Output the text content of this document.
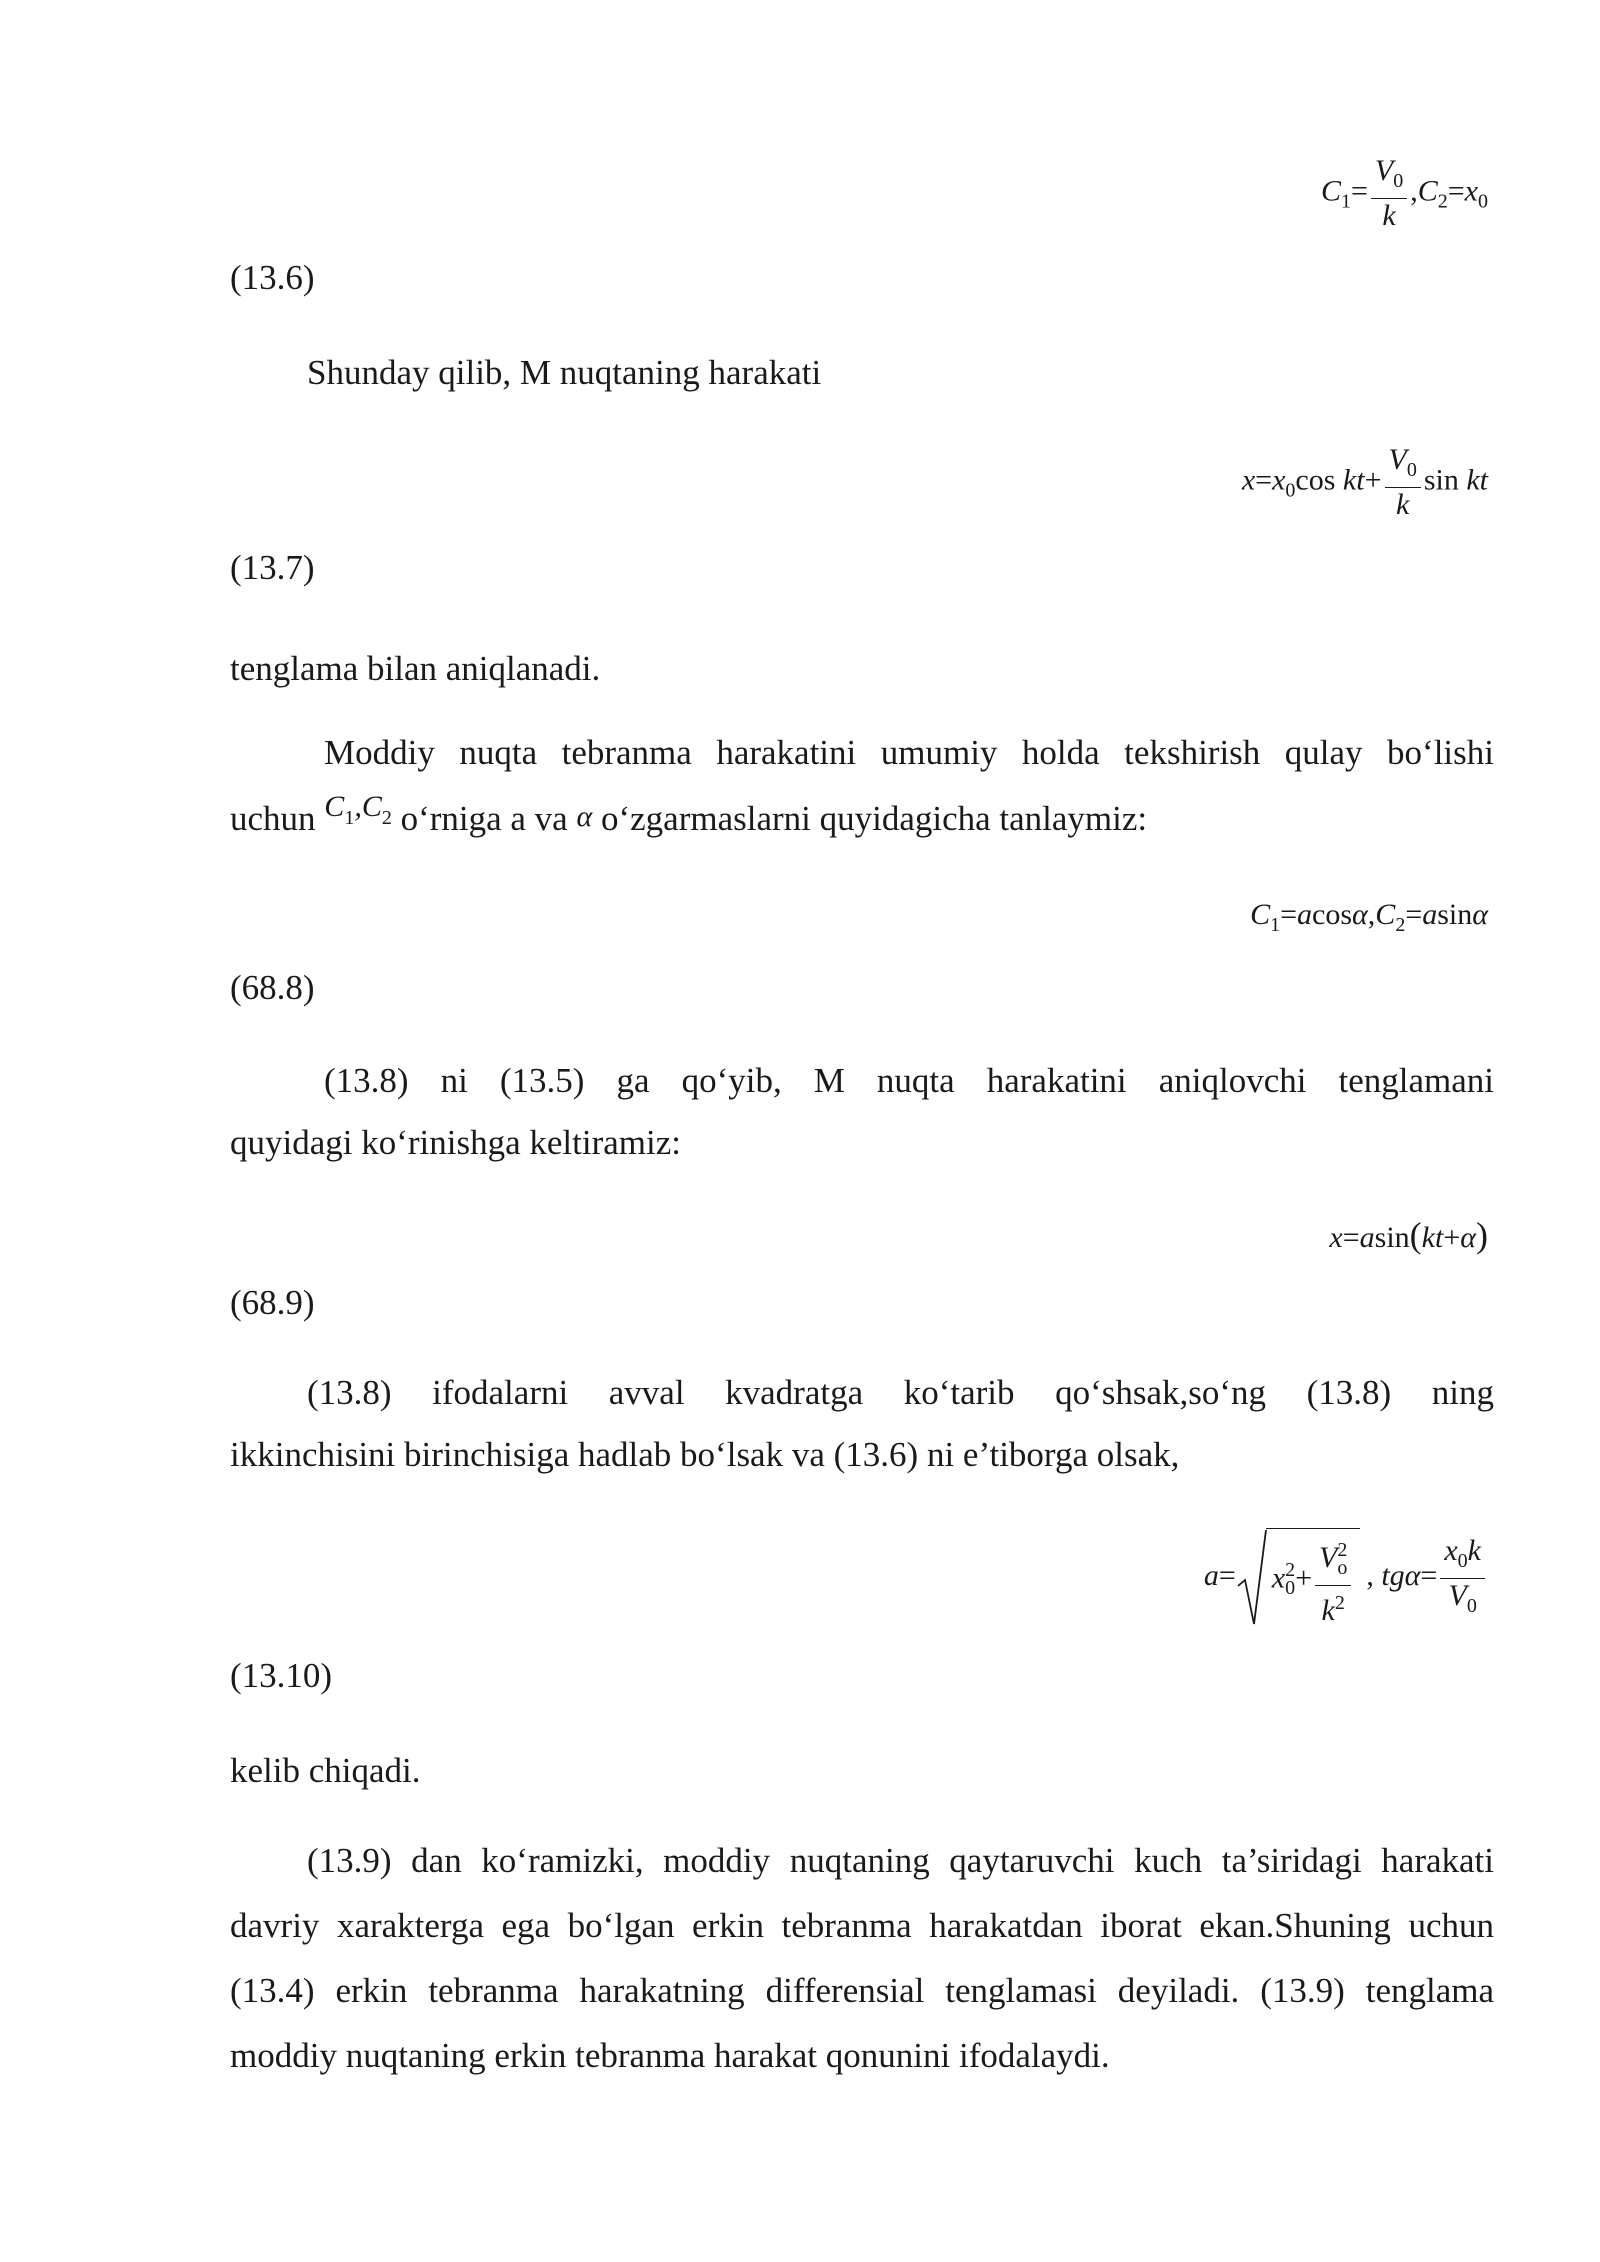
$C_1= \frac{V_0}{k} ,C_2=x_0$
(13.6)
Shunday qilib, M nuqtaning harakati
$x=x_0\cos$ $kt+ \frac{V_0}{k}$ sin kt
(13.7)
tenglama bilan aniqlanadi.
Moddiy nuqta tebranma harakatini umumiy holda tekshirish qulay bo‘lishi
uchun $C_1,C_2$ o‘rniga a va α o‘zgarmaslarni quyidagicha tanlaymiz:
$C_1=acos\alpha,C_2=asin\alpha$
(68.8)
(13.8) ni (13.5) ga qo‘yib, M nuqta harakatini aniqlovchi tenglamani
quyidagi ko‘rinishga keltiramiz:
x=asin(kt+α)
(68.9)
(13.8) ifodalarni avval kvadratga ko‘tarib qo‘shsak,so‘ng (13.8) ning
ikkinchisini birinchisiga hadlab bo‘lsak va (13.6) ni e’tiborga olsak,
$a= x^2_0+ \frac{V^2_o}{k^2}$ , $tg\alpha= \frac{x_0k}{V_0}$
(13.10)
kelib chiqadi.
(13.9) dan ko‘ramizki, moddiy nuqtaning qaytaruvchi kuch ta’siridagi harakati
davriy xarakterga ega bo‘lgan erkin tebranma harakatdan iborat ekan.Shuning uchun
(13.4) erkin tebranma harakatning differensial tenglamasi deyiladi. (13.9) tenglama
moddiy nuqtaning erkin tebranma harakat qonunini ifodalaydi.
